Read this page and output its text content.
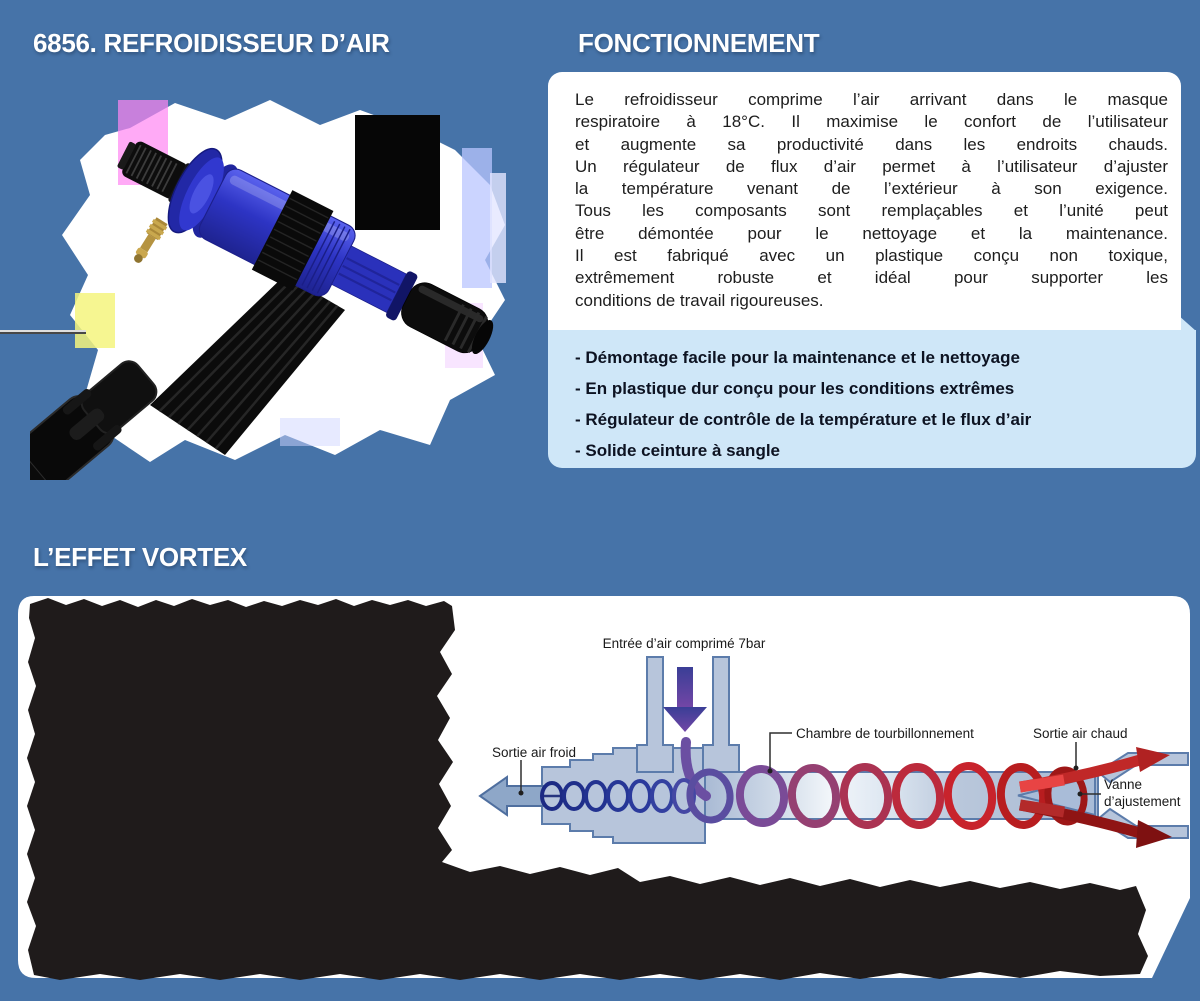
6856. REFROIDISSEUR D’AIR	FONCTIONNEMENT
L’EFFET VORTEX
Le refroidisseur comprime l’air arrivant dans le masque
respiratoire à 18°C. Il maximise le confort de l’utilisateur
et augmente sa productivité dans les endroits chauds.
Un régulateur de flux d’air permet à l’utilisateur d’ajuster
la température venant de l’extérieur à son exigence.
Tous les composants sont remplaçables et l’unité peut
être démontée pour le nettoyage et la maintenance.
Il est fabriqué avec un plastique conçu non toxique,
extrêmement robuste et idéal pour supporter les
conditions de travail rigoureuses.
- Démontage facile pour la maintenance et le nettoyage
- En plastique dur conçu pour les conditions extrêmes
- Régulateur de contrôle de la température et le flux d’air
- Solide ceinture à sangle
Entrée d’air comprimé 7bar
Sortie air froid
Chambre de tourbillonnement	Sortie air chaud
Vanne
d’ajustement
